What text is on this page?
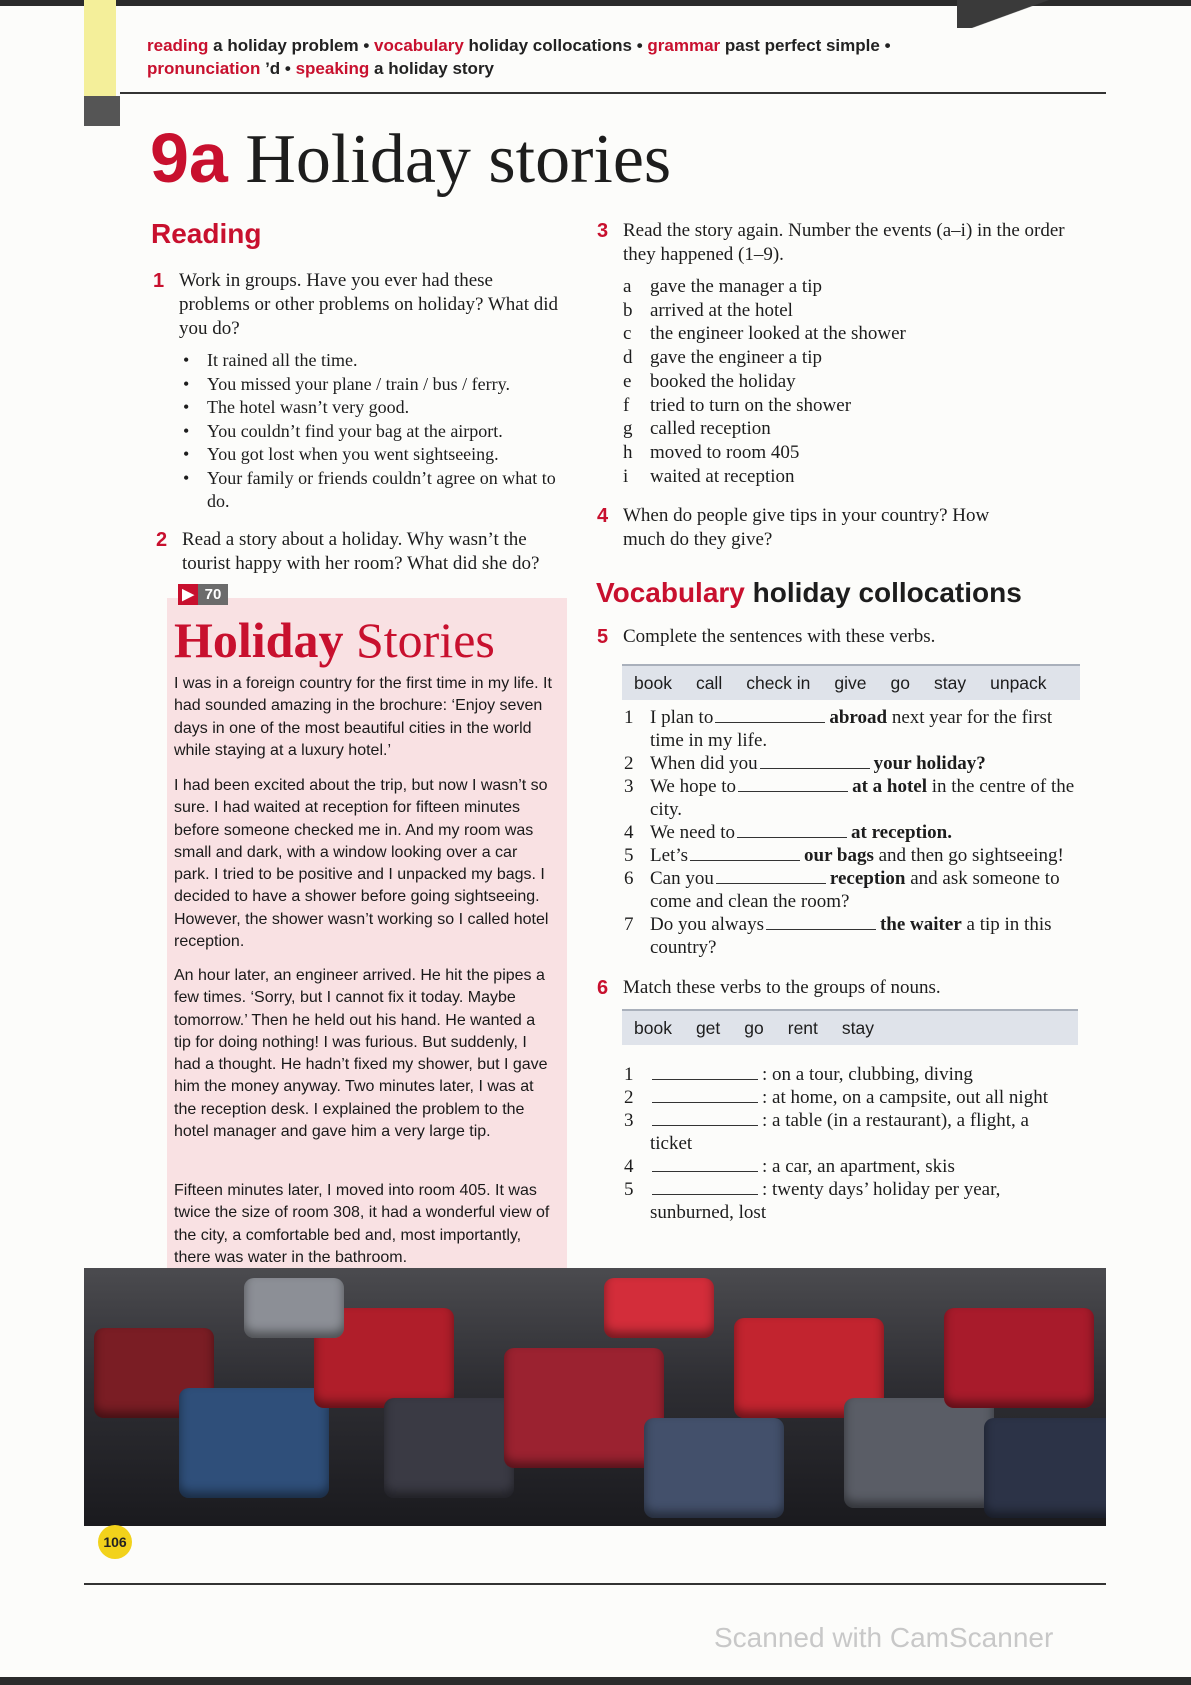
reading a holiday problem • vocabulary holiday collocations • grammar past perfect simple •
pronunciation ’d • speaking a holiday story
9a Holiday stories
Reading
1 Work in groups. Have you ever had these problems or other problems on holiday? What did you do?
• It rained all the time.
• You missed your plane / train / bus / ferry.
• The hotel wasn’t very good.
• You couldn’t find your bag at the airport.
• You got lost when you went sightseeing.
• Your family or friends couldn’t agree on what to do.
2 Read a story about a holiday. Why wasn’t the tourist happy with her room? What did she do?
▶ 70
Holiday Stories
I was in a foreign country for the first time in my life. It had sounded amazing in the brochure: ‘Enjoy seven days in one of the most beautiful cities in the world while staying at a luxury hotel.’
I had been excited about the trip, but now I wasn’t so sure. I had waited at reception for fifteen minutes before someone checked me in. And my room was small and dark, with a window looking over a car park. I tried to be positive and I unpacked my bags. I decided to have a shower before going sightseeing. However, the shower wasn’t working so I called hotel reception.
An hour later, an engineer arrived. He hit the pipes a few times. ‘Sorry, but I cannot fix it today. Maybe tomorrow.’ Then he held out his hand. He wanted a tip for doing nothing! I was furious. But suddenly, I had a thought. He hadn’t fixed my shower, but I gave him the money anyway. Two minutes later, I was at the reception desk. I explained the problem to the hotel manager and gave him a very large tip.
Fifteen minutes later, I moved into room 405. It was twice the size of room 308, it had a wonderful view of the city, a comfortable bed and, most importantly, there was water in the bathroom.
3 Read the story again. Number the events (a–i) in the order they happened (1–9).
a gave the manager a tip
b arrived at the hotel
c the engineer looked at the shower
d gave the engineer a tip
e booked the holiday
f tried to turn on the shower
g called reception
h moved to room 405
i waited at reception
4 When do people give tips in your country? How much do they give?
Vocabulary holiday collocations
5 Complete the sentences with these verbs.
book call check in give go stay unpack
1 I plan to	abroad next year for the first time in my life.
2 When did you	your holiday?
3 We hope to	at a hotel in the centre of the city.
4 We need to	at reception.
5 Let’s	our bags and then go sightseeing!
6 Can you	reception and ask someone to come and clean the room?
7 Do you always	the waiter a tip in this country?
6 Match these verbs to the groups of nouns.
book get go rent stay
1	: on a tour, clubbing, diving
2	: at home, on a campsite, out all night
3	: a table (in a restaurant), a flight, a ticket
4	: a car, an apartment, skis
5	: twenty days’ holiday per year, sunburned, lost
106
Scanned with CamScanner
